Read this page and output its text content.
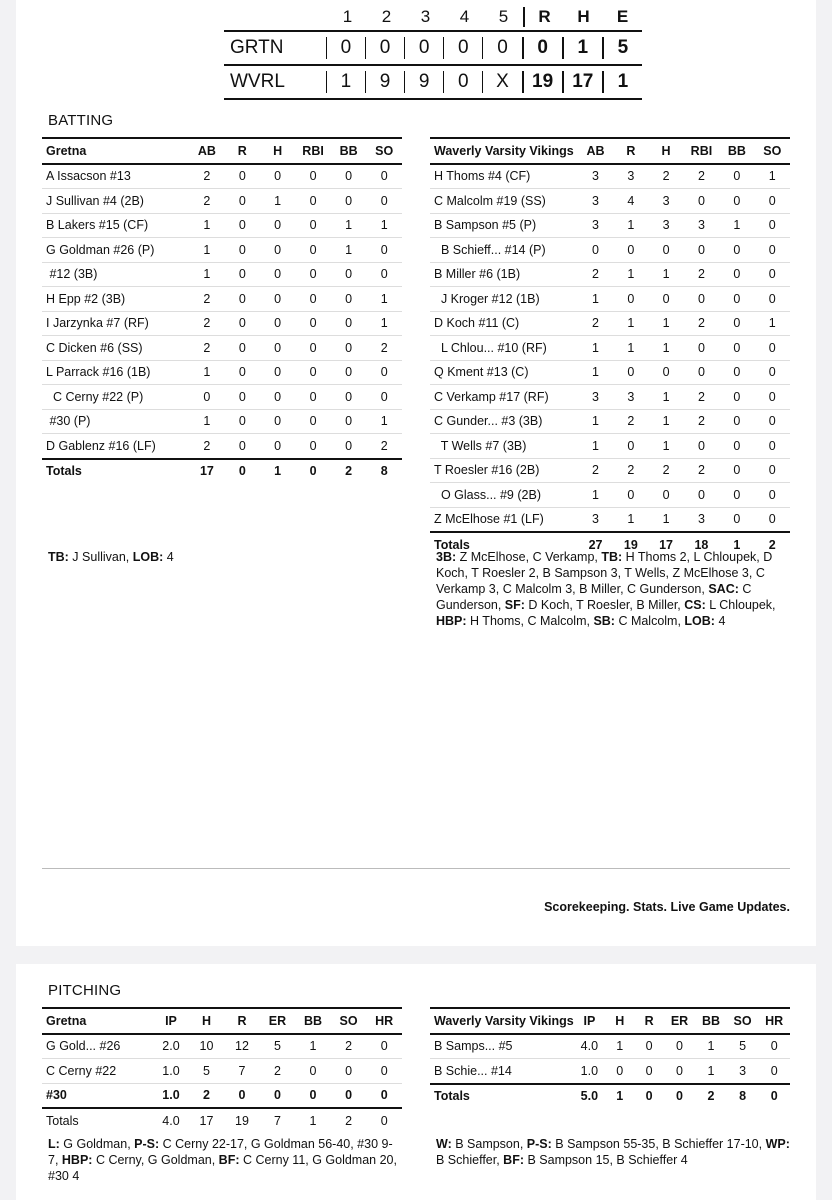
1	2	3	4	5	R	H	E
GRTN	0	0	0	0	0	0	1	5
WVRL	1	9	9	0	X	19	17	1
BATTING
Gretna	AB	R	H	RBI	BB	SO
A Issacson #13	2	0	0	0	0	0
J Sullivan #4 (2B)	2	0	1	0	0	0
B Lakers #15 (CF)	1	0	0	0	1	1
G Goldman #26 (P)	1	0	0	0	1	0
#12 (3B)	1	0	0	0	0	0
H Epp #2 (3B)	2	0	0	0	0	1
I Jarzynka #7 (RF)	2	0	0	0	0	1
C Dicken #6 (SS)	2	0	0	0	0	2
L Parrack #16 (1B)	1	0	0	0	0	0
C Cerny #22 (P)	0	0	0	0	0	0
#30 (P)	1	0	0	0	0	1
D Gablenz #16 (LF)	2	0	0	0	0	2
Totals	17	0	1	0	2	8
Waverly Varsity Vikings	AB	R	H	RBI	BB	SO
H Thoms #4 (CF)	3	3	2	2	0	1
C Malcolm #19 (SS)	3	4	3	0	0	0
B Sampson #5 (P)	3	1	3	3	1	0
B Schieff... #14 (P)	0	0	0	0	0	0
B Miller #6 (1B)	2	1	1	2	0	0
J Kroger #12 (1B)	1	0	0	0	0	0
D Koch #11 (C)	2	1	1	2	0	1
L Chlou... #10 (RF)	1	1	1	0	0	0
Q Kment #13 (C)	1	0	0	0	0	0
C Verkamp #17 (RF)	3	3	1	2	0	0
C Gunder... #3 (3B)	1	2	1	2	0	0
T Wells #7 (3B)	1	0	1	0	0	0
T Roesler #16 (2B)	2	2	2	2	0	0
O Glass... #9 (2B)	1	0	0	0	0	0
Z McElhose #1 (LF)	3	1	1	3	0	0
Totals	27	19	17	18	1	2
TB: J Sullivan, LOB: 4	3B: Z McElhose, C Verkamp, TB: H Thoms 2, L Chloupek, D Koch, T Roesler 2, B Sampson 3, T Wells, Z McElhose 3, C Verkamp 3, C Malcolm 3, B Miller, C Gunderson, SAC: C Gunderson, SF: D Koch, T Roesler, B Miller, CS: L Chloupek, HBP: H Thoms, C Malcolm, SB: C Malcolm, LOB: 4
Scorekeeping. Stats. Live Game Updates.
PITCHING
Gretna	IP	H	R	ER	BB	SO	HR
G Gold... #26	2.0	10	12	5	1	2	0
C Cerny #22	1.0	5	7	2	0	0	0
#30	1.0	2	0	0	0	0	0
Totals	4.0	17	19	7	1	2	0
Waverly Varsity Vikings	IP	H	R	ER	BB	SO	HR
B Samps... #5	4.0	1	0	0	1	5	0
B Schie... #14	1.0	0	0	0	1	3	0
Totals	5.0	1	0	0	2	8	0
L: G Goldman, P-S: C Cerny 22-17, G Goldman 56-40, #30 9-7, HBP: C Cerny, G Goldman, BF: C Cerny 11, G Goldman 20, #30 4
W: B Sampson, P-S: B Sampson 55-35, B Schieffer 17-10, WP: B Schieffer, BF: B Sampson 15, B Schieffer 4
